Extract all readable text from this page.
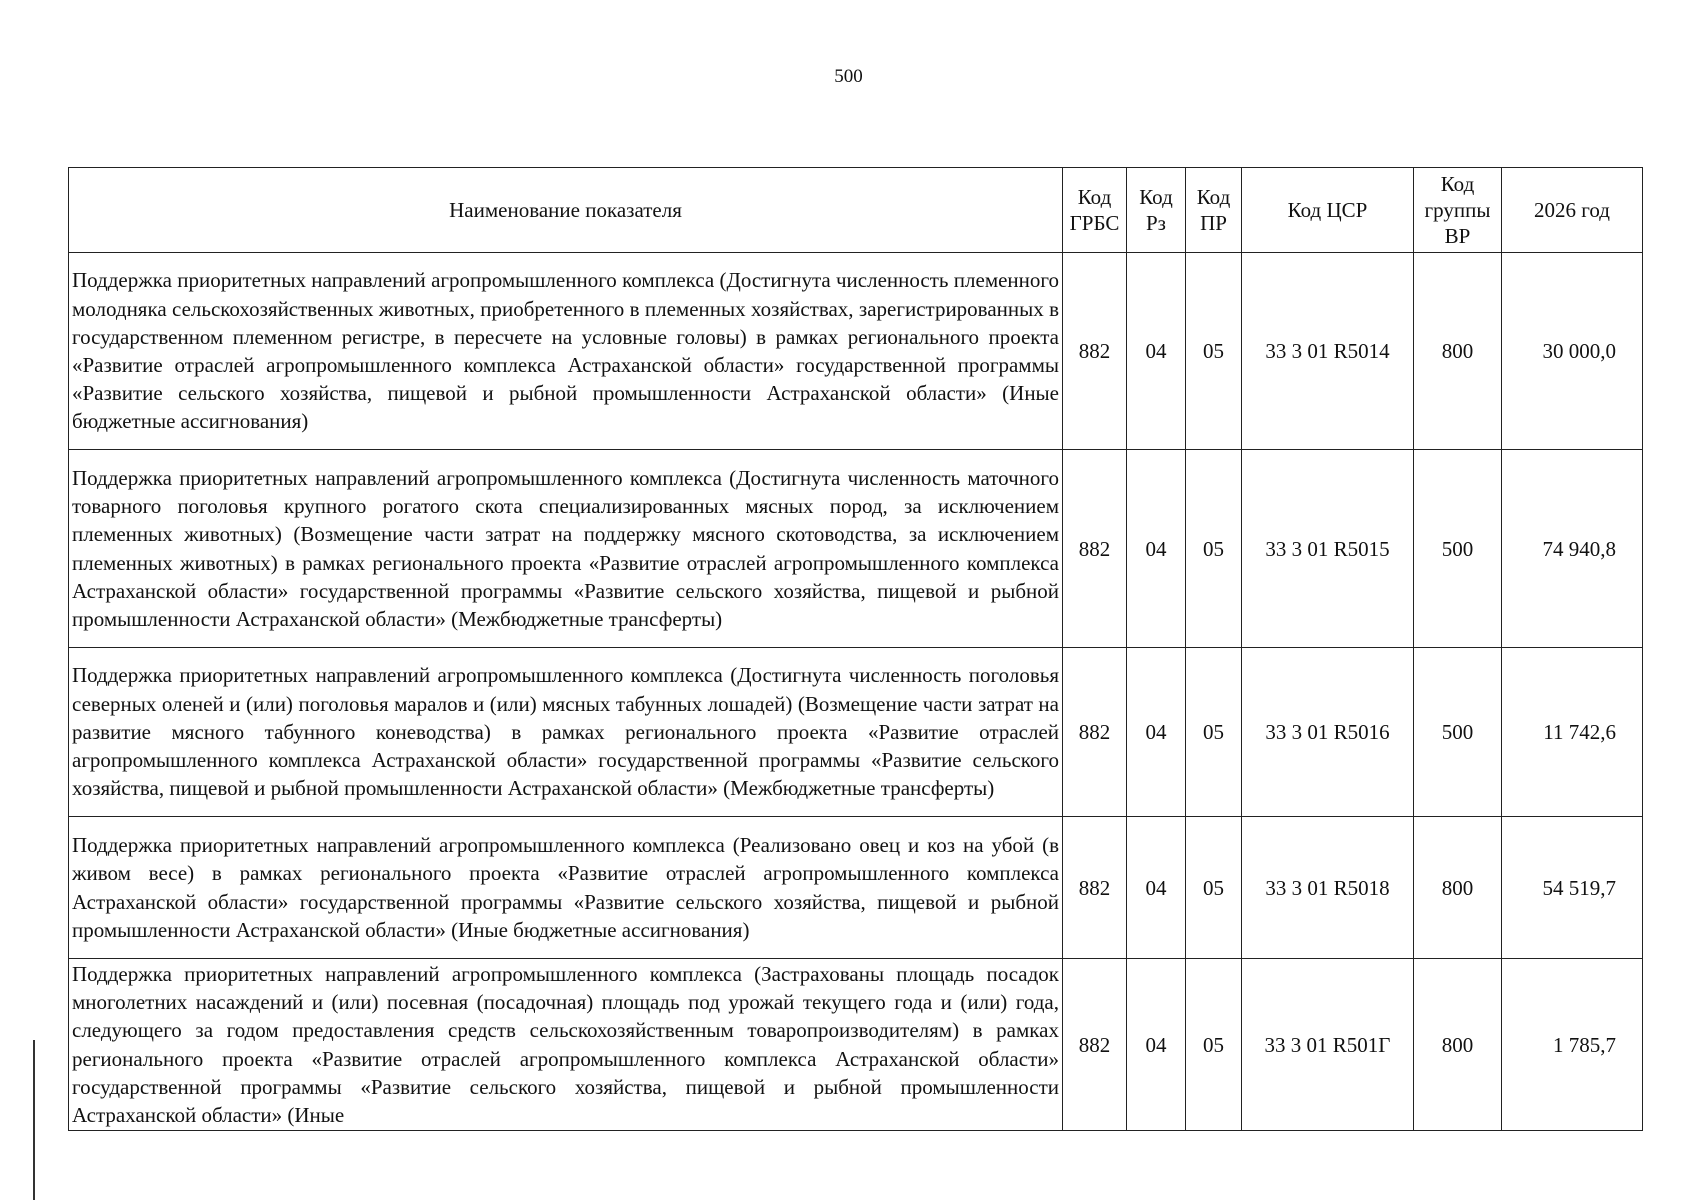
500
Наименование показателя	Код ГРБС	Код Рз	Код ПР	Код ЦСР	Код группы ВР	2026 год
Поддержка приоритетных направлений агропромышленного комплекса (Достигнута численность племенного молодняка сельскохозяйственных животных, приобретенного в племенных хозяйствах, зарегистрированных в государственном племенном регистре, в пересчете на условные головы) в рамках регионального проекта «Развитие отраслей агропромышленного комплекса Астраханской области» государственной программы «Развитие сельского хозяйства, пищевой и рыбной промышленности Астраханской области» (Иные бюджетные ассигнования)	882	04	05	33 3 01 R5014	800	30 000,0
Поддержка приоритетных направлений агропромышленного комплекса (Достигнута численность маточного товарного поголовья крупного рогатого скота специализированных мясных пород, за исключением племенных животных) (Возмещение части затрат на поддержку мясного скотоводства, за исключением племенных животных) в рамках регионального проекта «Развитие отраслей агропромышленного комплекса Астраханской области» государственной программы «Развитие сельского хозяйства, пищевой и рыбной промышленности Астраханской области» (Межбюджетные трансферты)	882	04	05	33 3 01 R5015	500	74 940,8
Поддержка приоритетных направлений агропромышленного комплекса (Достигнута численность поголовья северных оленей и (или) поголовья маралов и (или) мясных табунных лошадей) (Возмещение части затрат на развитие мясного табунного коневодства) в рамках регионального проекта «Развитие отраслей агропромышленного комплекса Астраханской области» государственной программы «Развитие сельского хозяйства, пищевой и рыбной промышленности Астраханской области» (Межбюджетные трансферты)	882	04	05	33 3 01 R5016	500	11 742,6
Поддержка приоритетных направлений агропромышленного комплекса (Реализовано овец и коз на убой (в живом весе) в рамках регионального проекта «Развитие отраслей агропромышленного комплекса Астраханской области» государственной программы «Развитие сельского хозяйства, пищевой и рыбной промышленности Астраханской области» (Иные бюджетные ассигнования)	882	04	05	33 3 01 R5018	800	54 519,7
Поддержка приоритетных направлений агропромышленного комплекса (Застрахованы площадь посадок многолетних насаждений и (или) посевная (посадочная) площадь под урожай текущего года и (или) года, следующего за годом предоставления средств сельскохозяйственным товаропроизводителям) в рамках регионального проекта «Развитие отраслей агропромышленного комплекса Астраханской области» государственной программы «Развитие сельского хозяйства, пищевой и рыбной промышленности Астраханской области» (Иные	882	04	05	33 3 01 R501Г	800	1 785,7
